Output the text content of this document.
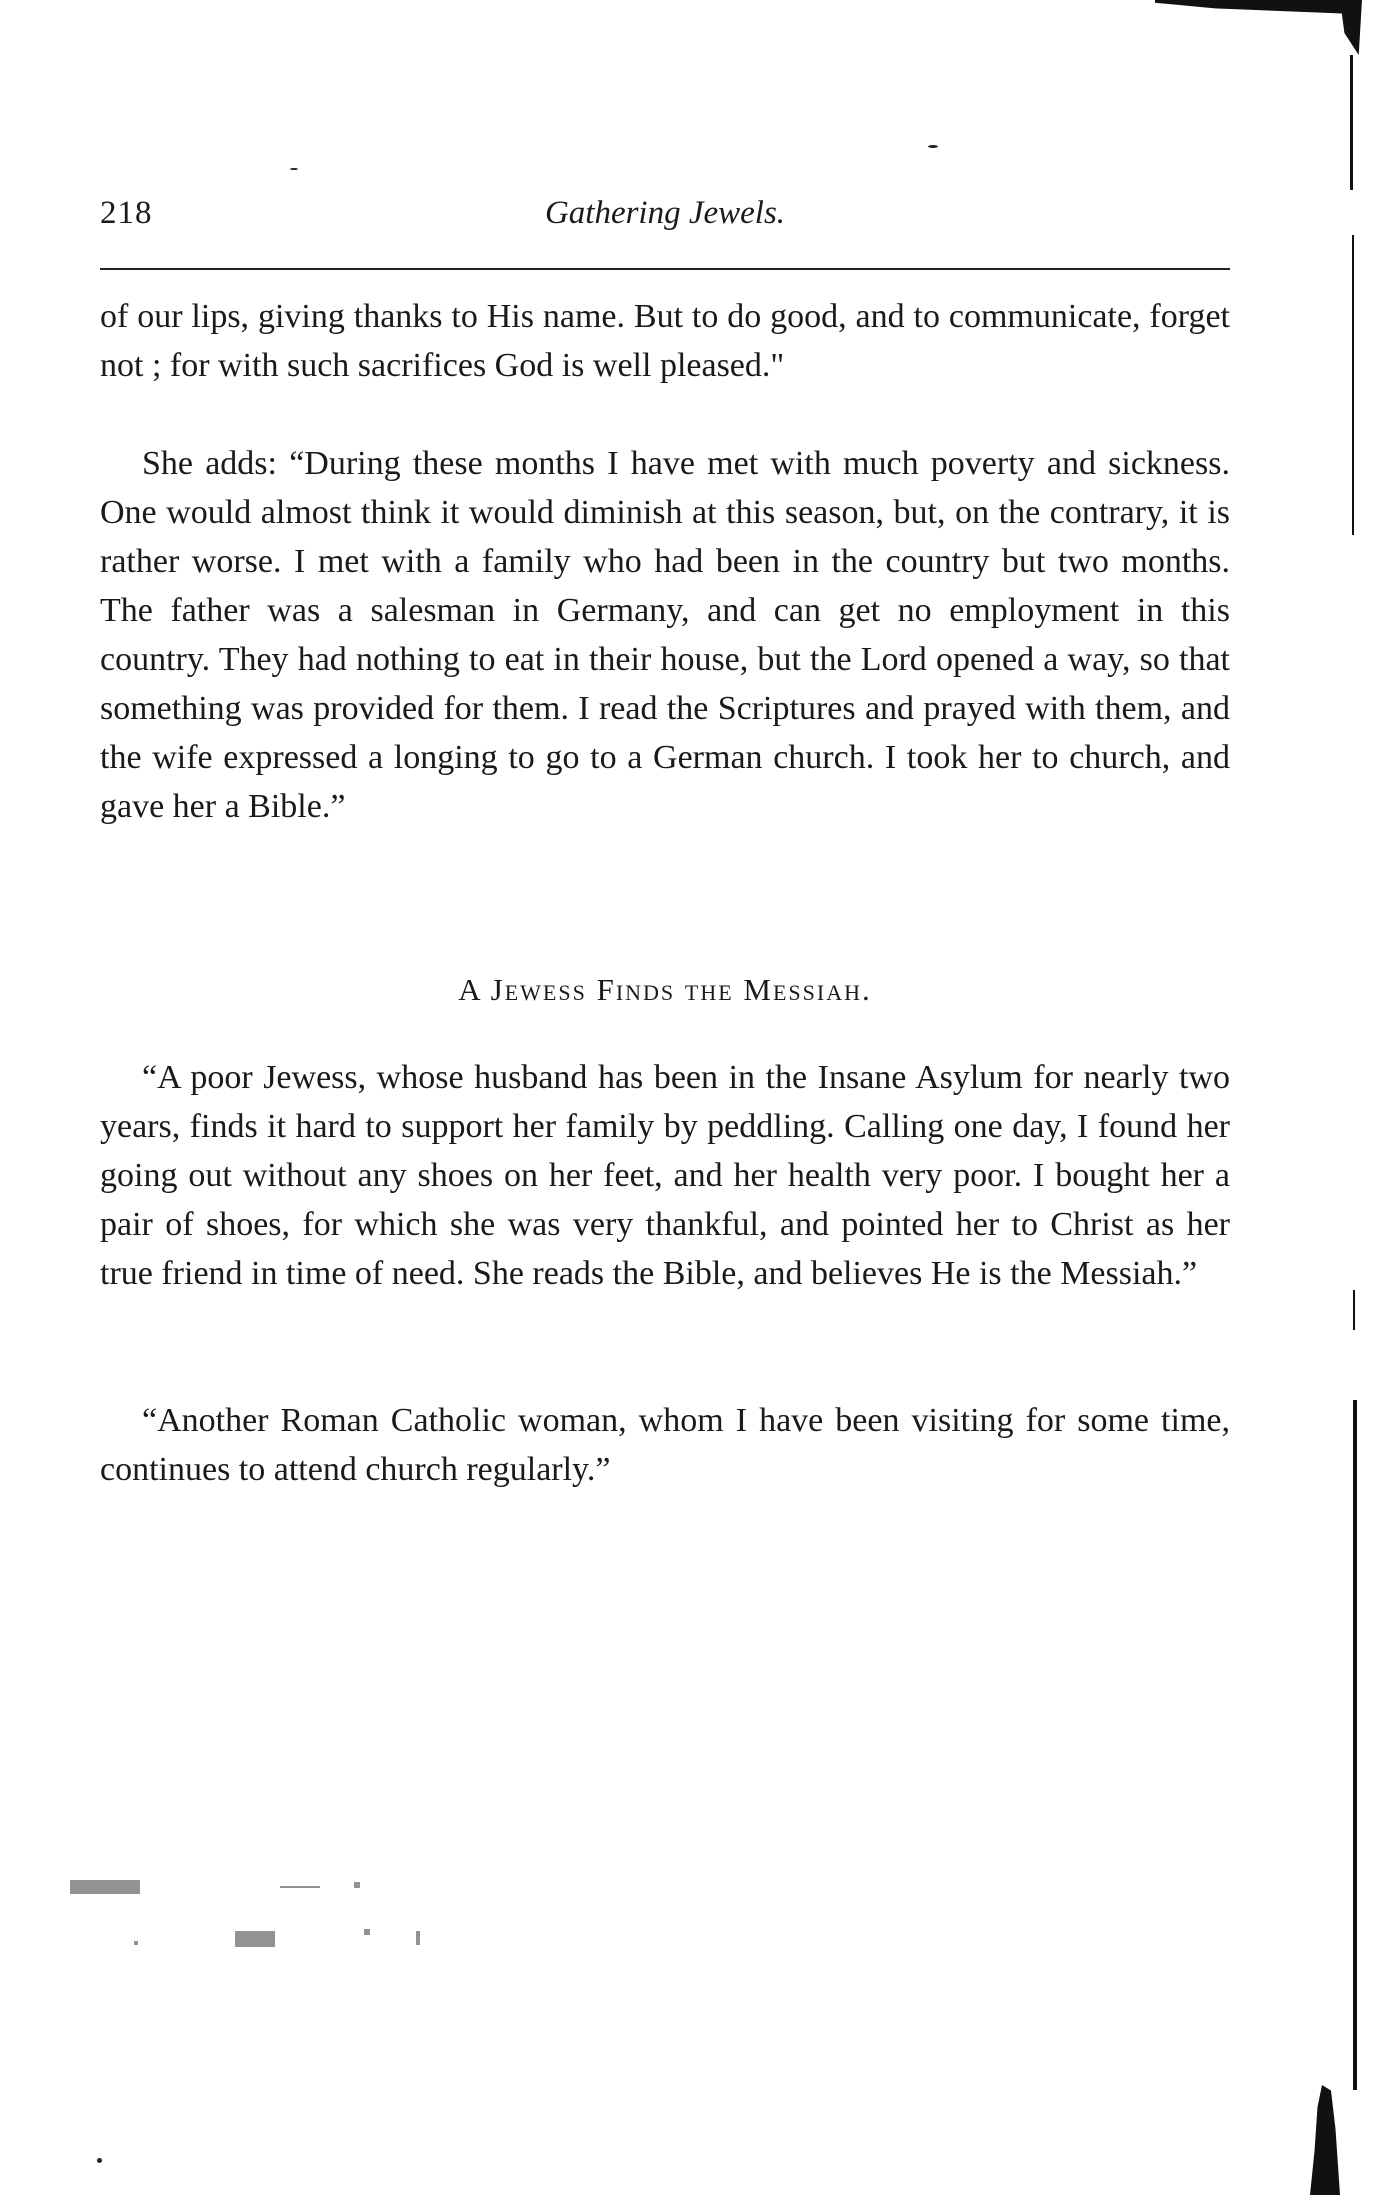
218	Gathering Jewels.

of our lips, giving thanks to His name. But to do good, and to communicate, forget not ; for with such sacrifices God is well pleased."

She adds: “During these months I have met with much poverty and sickness. One would almost think it would diminish at this season, but, on the contrary, it is rather worse. I met with a family who had been in the country but two months. The father was a salesman in Germany, and can get no employment in this country. They had nothing to eat in their house, but the Lord opened a way, so that something was provided for them. I read the Scriptures and prayed with them, and the wife expressed a longing to go to a German church. I took her to church, and gave her a Bible.”

A Jewess Finds the Messiah.

“A poor Jewess, whose husband has been in the Insane Asylum for nearly two years, finds it hard to support her family by peddling. Calling one day, I found her going out without any shoes on her feet, and her health very poor. I bought her a pair of shoes, for which she was very thankful, and pointed her to Christ as her true friend in time of need. She reads the Bible, and believes He is the Messiah.”

“Another Roman Catholic woman, whom I have been visiting for some time, continues to attend church regularly.”
